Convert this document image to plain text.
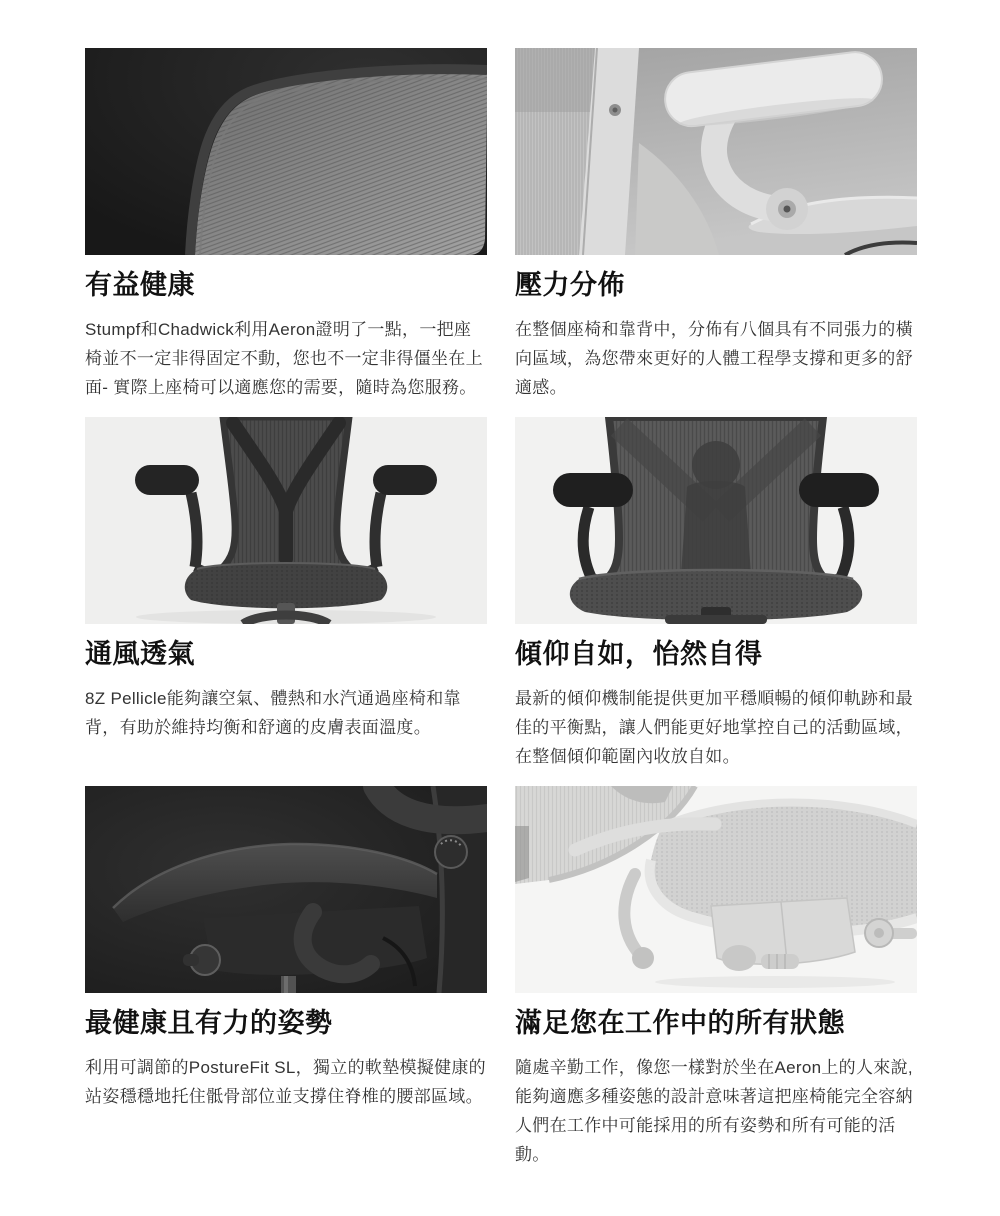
有益健康

Stumpf和Chadwick利用Aeron證明了一點，一把座椅並不一定非得固定不動，您也不一定非得僵坐在上面- 實際上座椅可以適應您的需要，隨時為您服務。

壓力分佈

在整個座椅和靠背中，分佈有八個具有不同張力的橫向區域，為您帶來更好的人體工程學支撐和更多的舒適感。

通風透氣

8Z Pellicle能夠讓空氣、體熱和水汽通過座椅和靠背，有助於維持均衡和舒適的皮膚表面溫度。

傾仰自如，怡然自得

最新的傾仰機制能提供更加平穩順暢的傾仰軌跡和最佳的平衡點，讓人們能更好地掌控自己的活動區域，在整個傾仰範圍內收放自如。

最健康且有力的姿勢

利用可調節的PostureFit SL，獨立的軟墊模擬健康的站姿穩穩地托住骶骨部位並支撐住脊椎的腰部區域。

滿足您在工作中的所有狀態

隨處辛勤工作，像您一樣對於坐在Aeron上的人來說,能夠適應多種姿態的設計意味著這把座椅能完全容納人們在工作中可能採用的所有姿勢和所有可能的活動。
